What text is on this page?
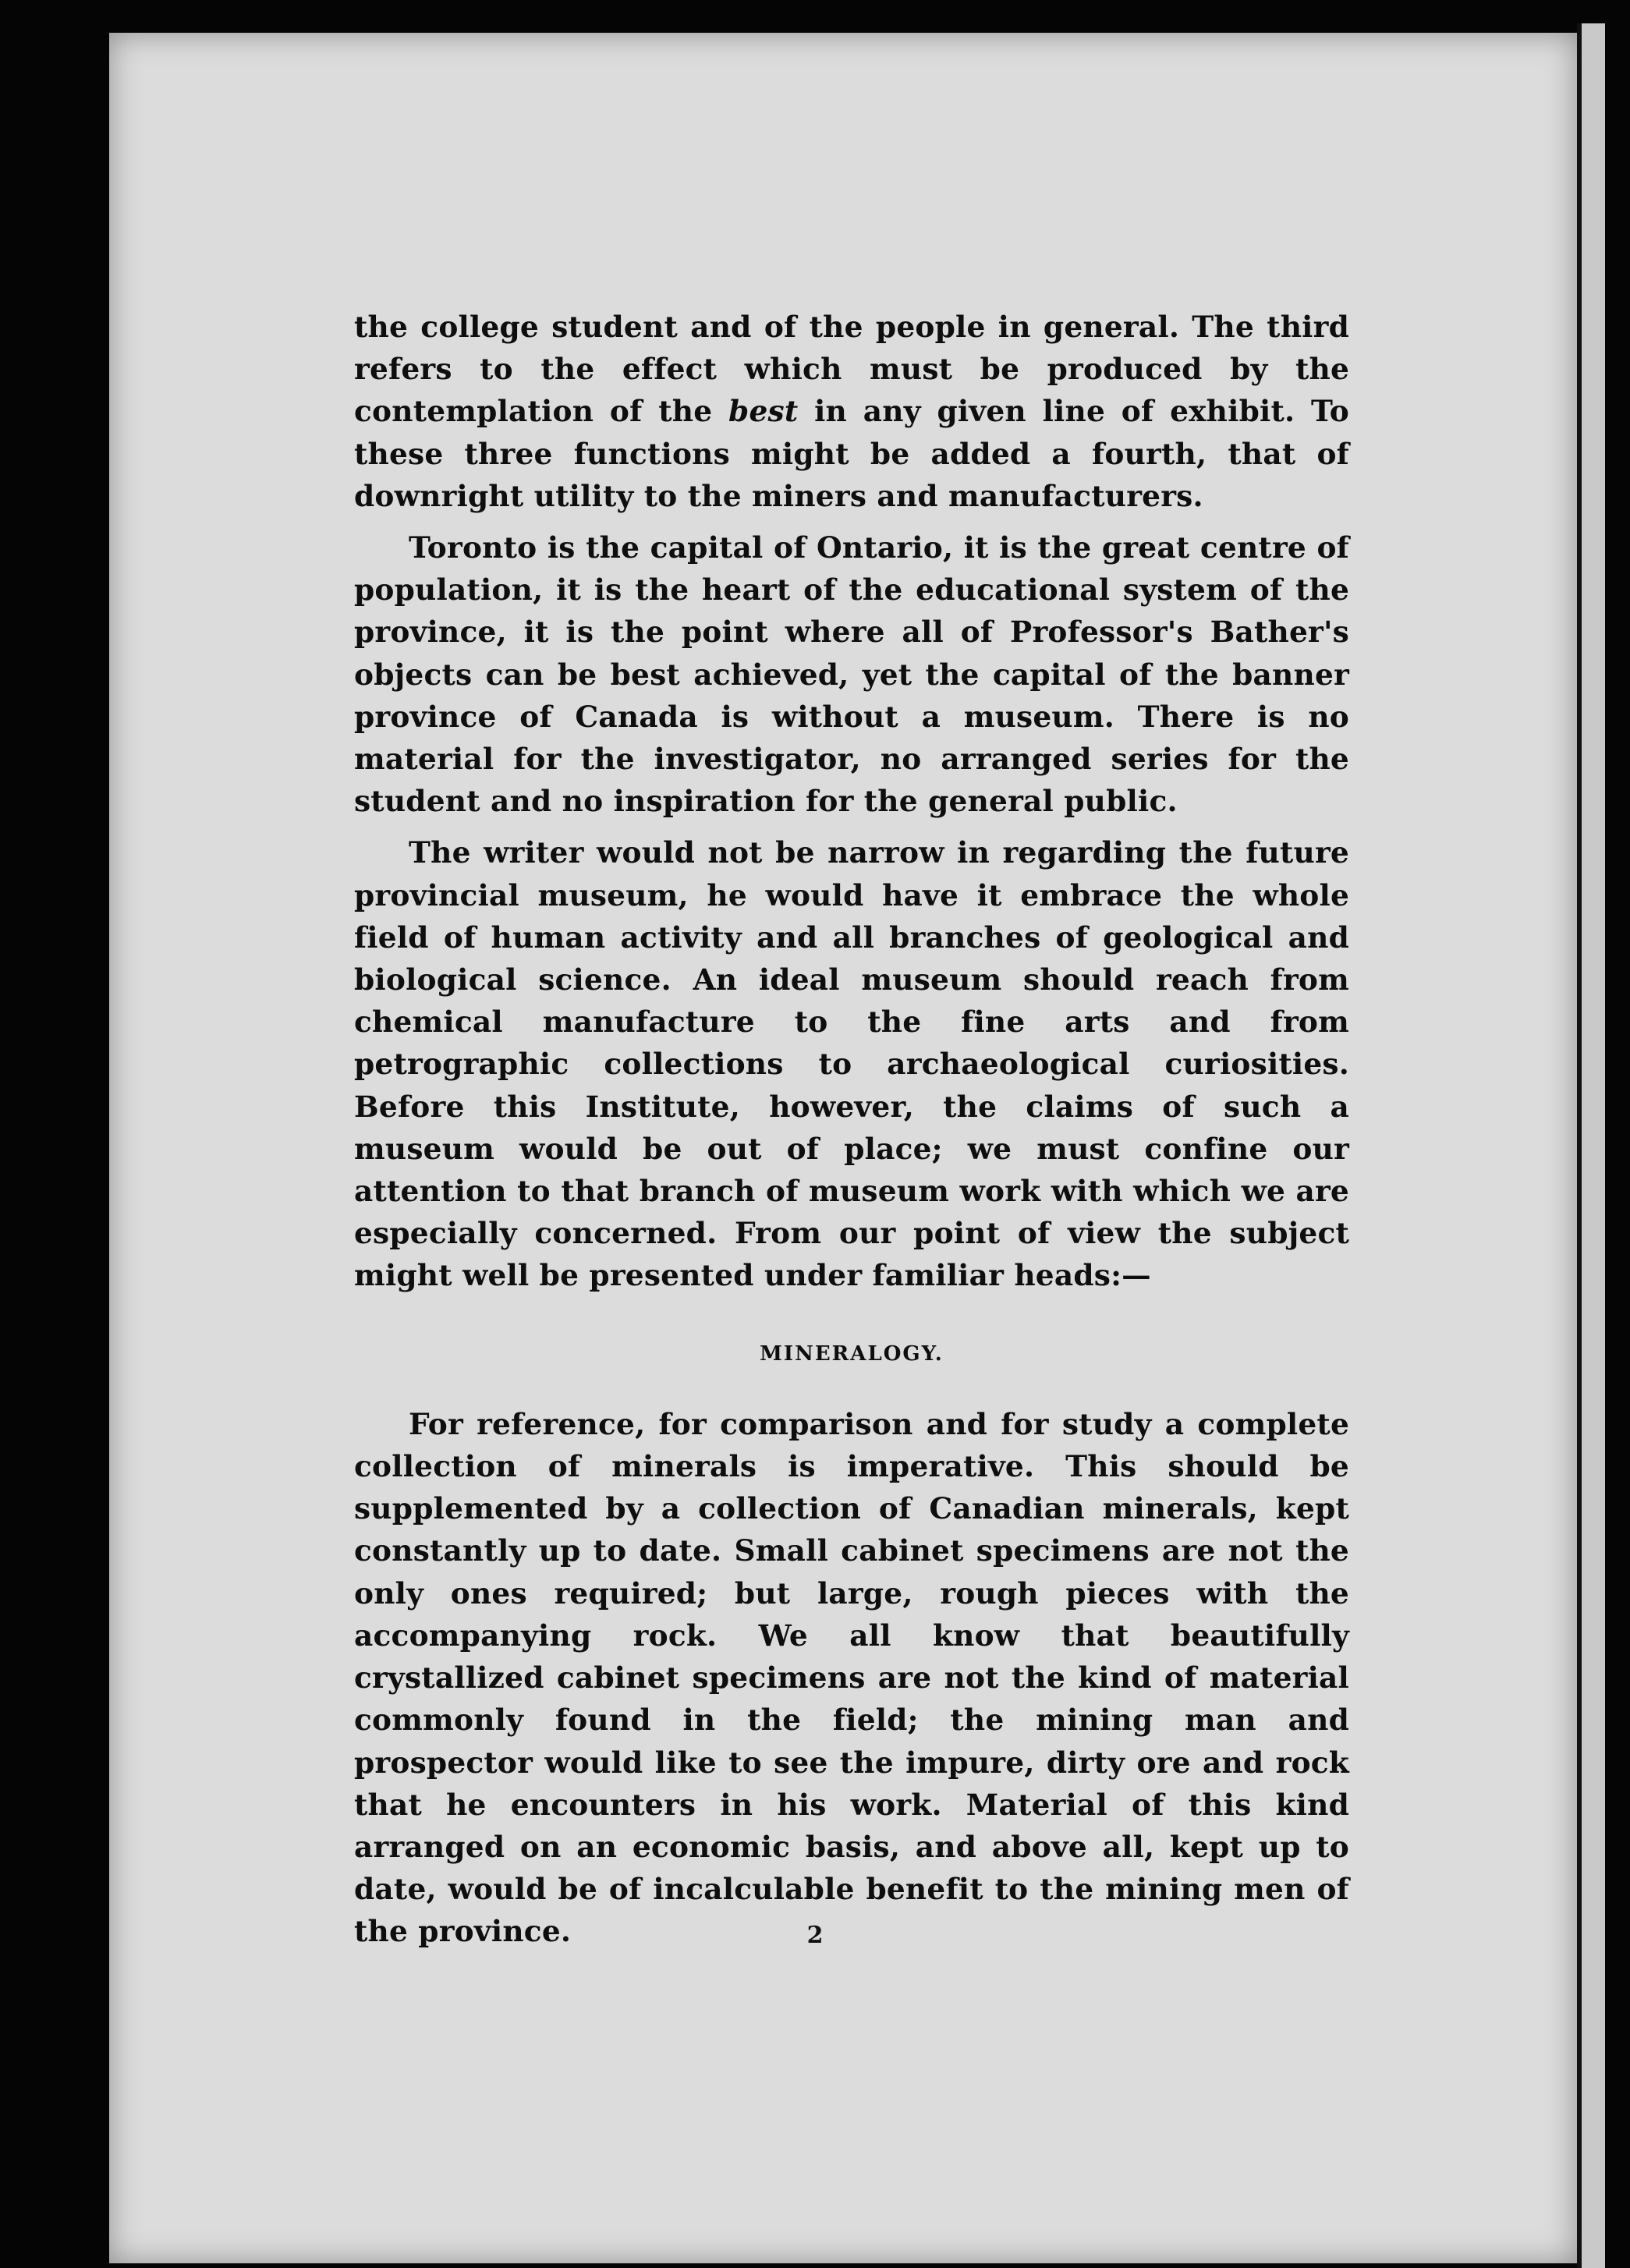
the college student and of the people in general. The third refers to the effect which must be produced by the contemplation of the best in any given line of exhibit. To these three functions might be added a fourth, that of downright utility to the miners and manufacturers.

Toronto is the capital of Ontario, it is the great centre of population, it is the heart of the educational system of the province, it is the point where all of Professor's Bather's objects can be best achieved, yet the capital of the banner province of Canada is without a museum. There is no material for the investigator, no arranged series for the student and no inspiration for the general public.

The writer would not be narrow in regarding the future provincial museum, he would have it embrace the whole field of human activity and all branches of geological and biological science. An ideal museum should reach from chemical manufacture to the fine arts and from petrographic collections to archaeological curiosities. Before this Institute, however, the claims of such a museum would be out of place; we must confine our attention to that branch of museum work with which we are especially concerned. From our point of view the subject might well be presented under familiar heads:—

MINERALOGY.

For reference, for comparison and for study a complete collection of minerals is imperative. This should be supplemented by a collection of Canadian minerals, kept constantly up to date. Small cabinet specimens are not the only ones required; but large, rough pieces with the accompanying rock. We all know that beautifully crystallized cabinet specimens are not the kind of material commonly found in the field; the mining man and prospector would like to see the impure, dirty ore and rock that he encounters in his work. Material of this kind arranged on an economic basis, and above all, kept up to date, would be of incalculable benefit to the mining men of the province.	2
